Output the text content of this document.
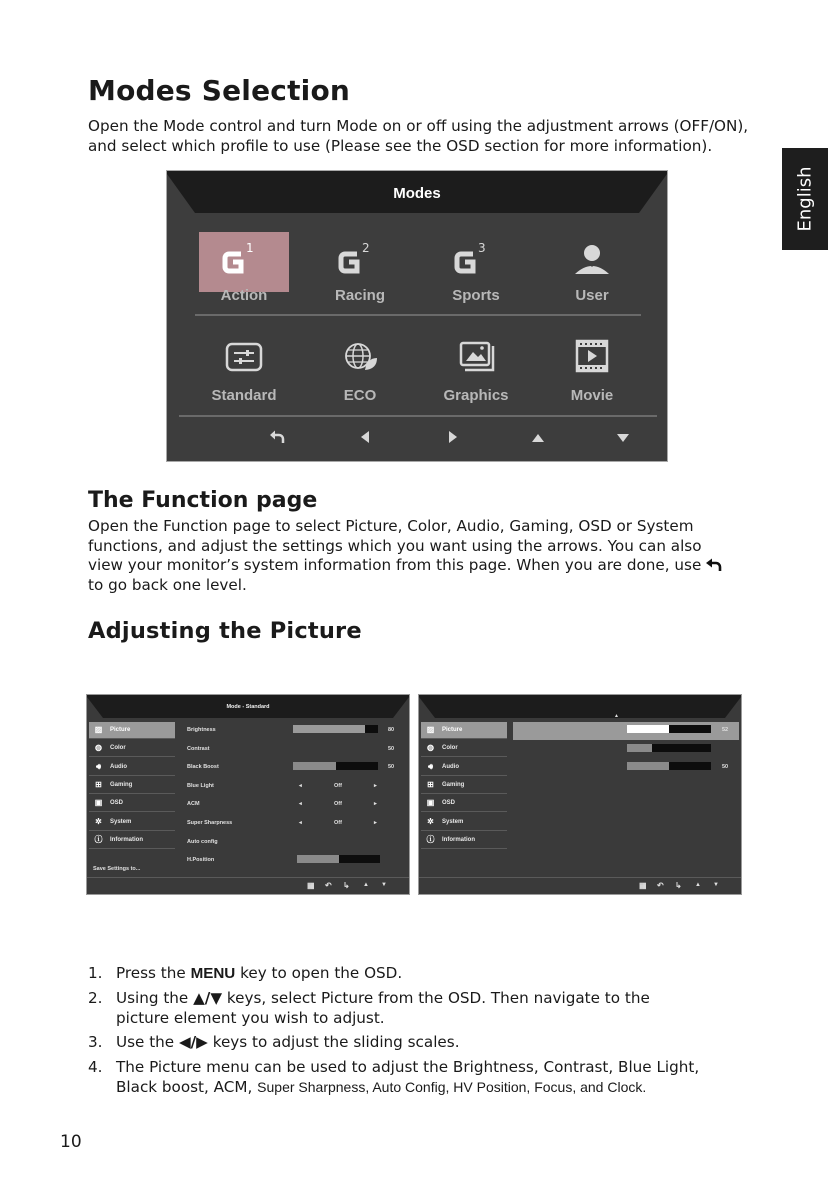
Modes Selection
Open the Mode control and turn Mode on or off using the adjustment arrows (OFF/ON), and select which profile to use (Please see the OSD section for more information).
English
Modes
1
Action
2
Racing
3
Sports	User
Standard	ECO	Graphics	Movie
The Function page
Open the Function page to select Picture, Color, Audio, Gaming, OSD or System functions, and adjust the settings which you want using the arrows. You can also view your monitor’s system information from this page. When you are done, use  to go back one level.
Adjusting the Picture
Mode - Standard
▨ Picture
◍	Color
🔊︎	Audio
⊞	Gaming
▣ OSD
✲	System
ⓘ Information
Save Settings to...
Brightness	80
Contrast	50
Black Boost	50
Blue Light	◂	Off	▸
ACM	◂	Off	▸
Super Sharpness	◂	Off	▸
Auto config
H.Position
▦ ↶ ↳ ▲ ▼
▲
▨ Picture
◍	Color
🔊︎	Audio
⊞	Gaming
▣ OSD
✲	System
ⓘ Information
52
50
▦ ↶ ↳ ▲ ▼
1. Press the MENU key to open the OSD.
2. Using the ▲/▼ keys, select Picture from the OSD. Then navigate to the picture element you wish to adjust.
3. Use the ◀/▶ keys to adjust the sliding scales.
4. The Picture menu can be used to adjust the Brightness, Contrast, Blue Light, Black boost, ACM, Super Sharpness, Auto Config, HV Position, Focus, and Clock.
10
